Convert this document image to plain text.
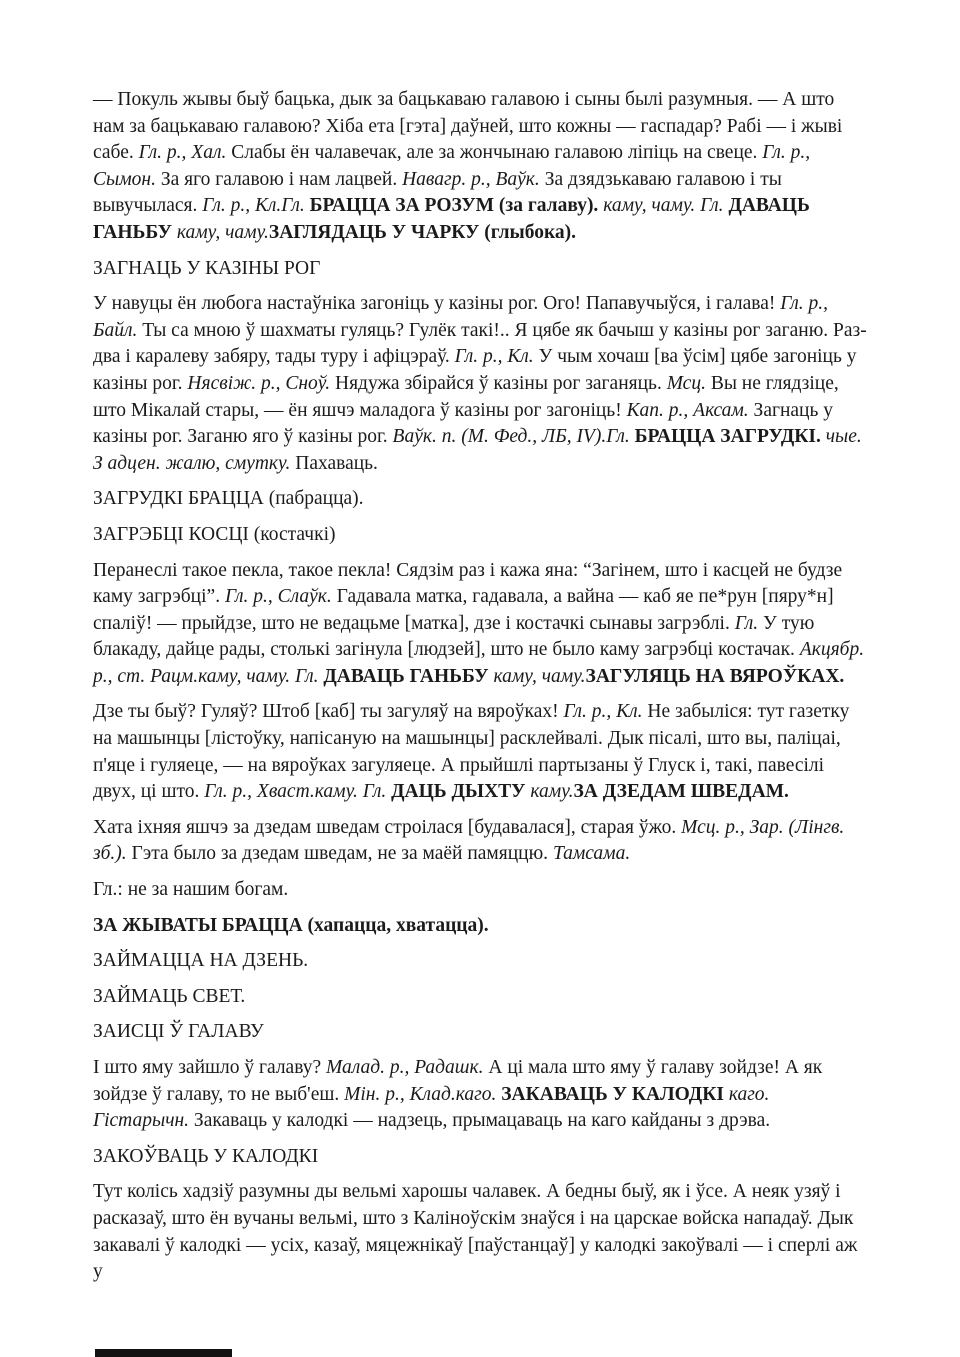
— Покуль жывы быў бацька, дык за бацькаваю галавою і сыны былі разумныя. — А што нам за бацькаваю галавою? Хіба ета [гэта] даўней, што кожны — гаспадар? Рабі — і жыві сабе. Гл. р., Хал. Слабы ён чалавечак, але за жончынаю галавою ліпіць на свеце. Гл. р., Сымон. За яго галавою і нам лацвей. Навагр. р., Ваўк. За дзядзькаваю галавою і ты вывучылася. Гл. р., Кл.Гл. БРАЦЦА ЗА РОЗУМ (за галаву). каму, чаму. Гл. ДАВАЦЬ ГАНЬБУ каму, чаму.ЗАГЛЯДАЦЬ У ЧАРКУ (глыбока).

ЗАГНАЦЬ У КАЗІНЫ РОГ

У навуцы ён любога настаўніка загоніць у казіны рог. Ого! Папавучыўся, і галава! Гл. р., Байл. Ты са мною ў шахматы гуляць? Гулёк такі!.. Я цябе як бачыш у казіны рог заганю. Раз-два і каралеву забяру, тады туру і афіцэраў. Гл. р., Кл. У чым хочаш [ва ўсім] цябе загоніць у казіны рог. Нясвіж. р., Сноў. Нядужа збірайся ў казіны рог заганяць. Мсц. Вы не глядзіце, што Мікалай стары, — ён яшчэ маладога ў казіны рог загоніць! Кап. р., Аксам. Загнаць у казіны рог. Заганю яго ў казіны рог. Ваўк. п. (М. Фед., ЛБ, IV).Гл. БРАЦЦА ЗАГРУДКІ. чые. З адцен. жалю, смутку. Пахаваць.

ЗАГРУДКІ БРАЦЦА (пабрацца).

ЗАГРЭБЦІ КОСЦІ (костачкі)

Перанеслі такое пекла, такое пекла! Сядзім раз і кажа яна: “Загінем, што і касцей не будзе каму загрэбці”. Гл. р., Слаўк. Гадавала матка, гадавала, а вайна — каб яе пе*рун [пяру*н] спаліў! — прыйдзе, што не ведацьме [матка], дзе і костачкі сынавы загрэблі. Гл. У тую блакаду, дайце рады, столькі загінула [людзей], што не было каму загрэбці костачак. Акцябр. р., ст. Рацм.каму, чаму. Гл. ДАВАЦЬ ГАНЬБУ каму, чаму.ЗАГУЛЯЦЬ НА ВЯРОЎКАХ.

Дзе ты быў? Гуляў? Штоб [каб] ты загуляў на вяроўках! Гл. р., Кл. Не забыліся: тут газетку на машынцы [лістоўку, напісаную на машынцы] расклейвалі. Дык пісалі, што вы, паліцаі, п'яце і гуляеце, — на вяроўках загуляеце. А прыйшлі партызаны ў Глуск і, такі, павесілі двух, ці што. Гл. р., Хваст.каму. Гл. ДАЦЬ ДЫХТУ каму.ЗА ДЗЕДАМ ШВЕДАМ.

Хата іхняя яшчэ за дзедам шведам строілася [будавалася], старая ўжо. Мсц. р., Зар. (Лінгв. зб.). Гэта было за дзедам шведам, не за маёй памяццю. Тамсама.

Гл.: не за нашим богам.

ЗА ЖЫВАТЫ БРАЦЦА (хапацца, хватацца).

ЗАЙМАЦЦА НА ДЗЕНЬ.

ЗАЙМАЦЬ СВЕТ.

ЗАИСЦІ Ў ГАЛАВУ

І што яму зайшло ў галаву? Малад. р., Радашк. А ці мала што яму ў галаву зойдзе! А як зойдзе ў галаву, то не выб'еш. Мін. р., Клад.каго. ЗАКАВАЦЬ У КАЛОДКІ каго. Гістарычн. Закаваць у калодкі — надзець, прымацаваць на каго кайданы з дрэва.

ЗАКОЎВАЦЬ У КАЛОДКІ

Тут колісь хадзіў разумны ды вельмі харошы чалавек. А бедны быў, як і ўсе. А неяк узяў і расказаў, што ён вучаны вельмі, што з Каліноўскім знаўся і на царскае войска нападаў. Дык закавалі ў калодкі — усіх, казаў, мяцежнікаў [паўстанцаў] у калодкі закоўвалі — і сперлі аж у
